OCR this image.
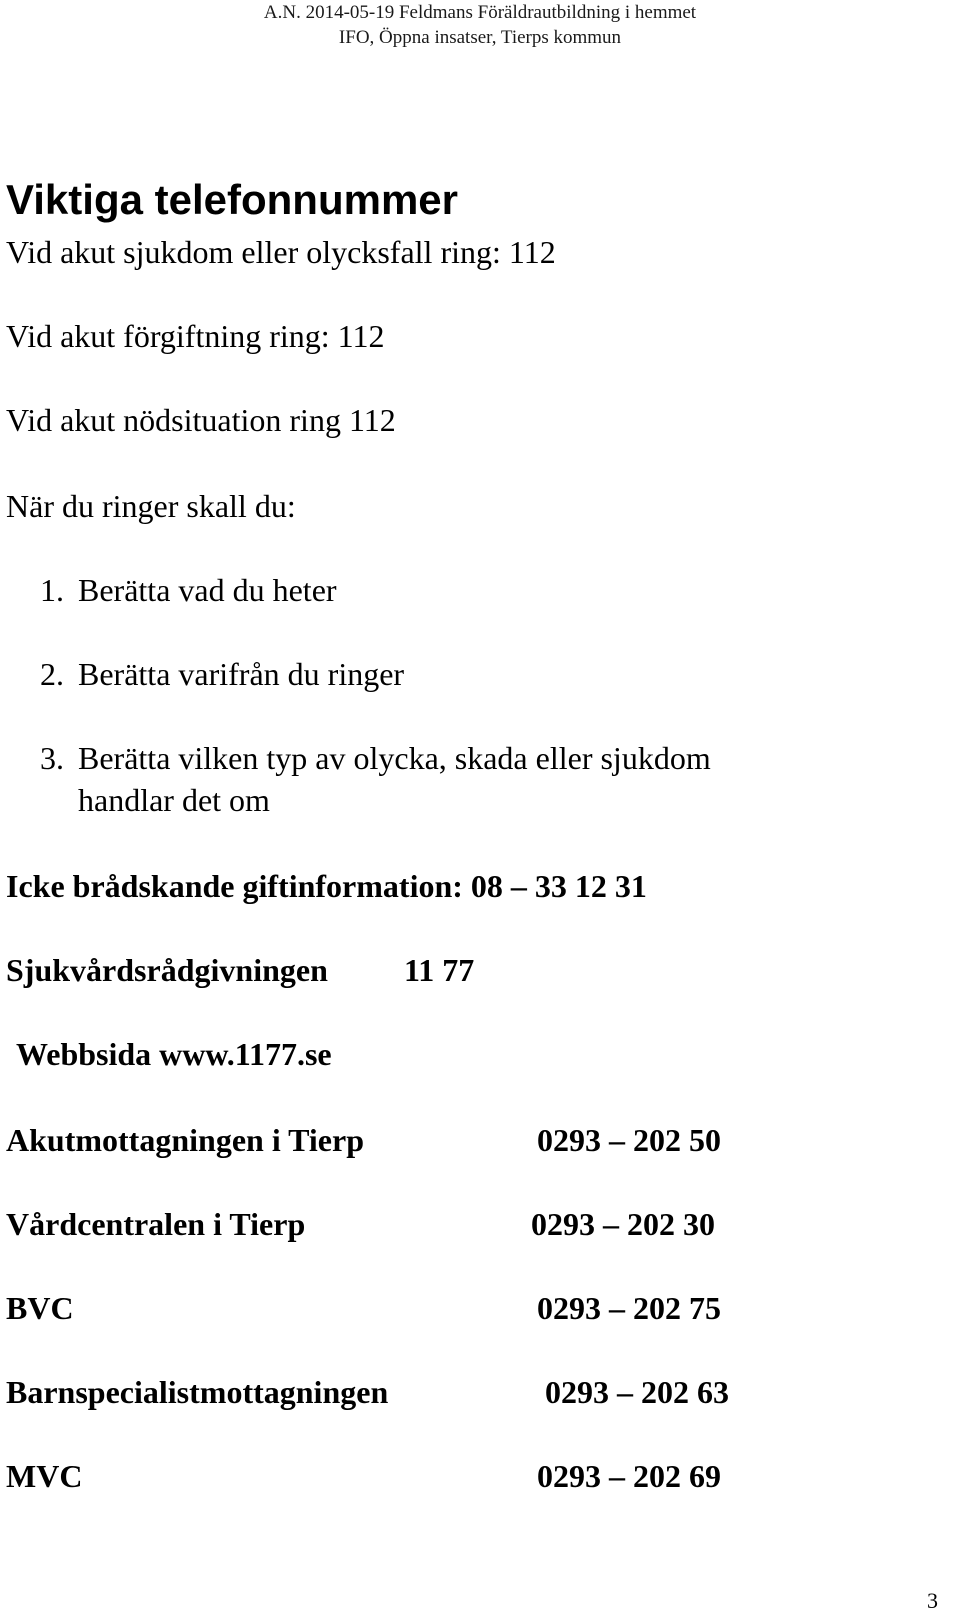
A.N. 2014-05-19 Feldmans Föräldrautbildning i hemmet
IFO, Öppna insatser, Tierps kommun
Viktiga telefonnummer
Vid akut sjukdom eller olycksfall ring: 112
Vid akut förgiftning ring: 112
Vid akut nödsituation ring 112
När du ringer skall du:
1. Berätta vad du heter
2. Berätta varifrån du ringer
3. Berätta vilken typ av olycka, skada eller sjukdom
handlar det om
Icke brådskande giftinformation: 08 – 33 12 31
Sjukvårdsrådgivningen 11 77
Webbsida www.1177.se
Akutmottagningen i Tierp	0293 – 202 50
Vårdcentralen i Tierp	0293 – 202 30
BVC	0293 – 202 75
Barnspecialistmottagningen	0293 – 202 63
MVC	0293 – 202 69
3
